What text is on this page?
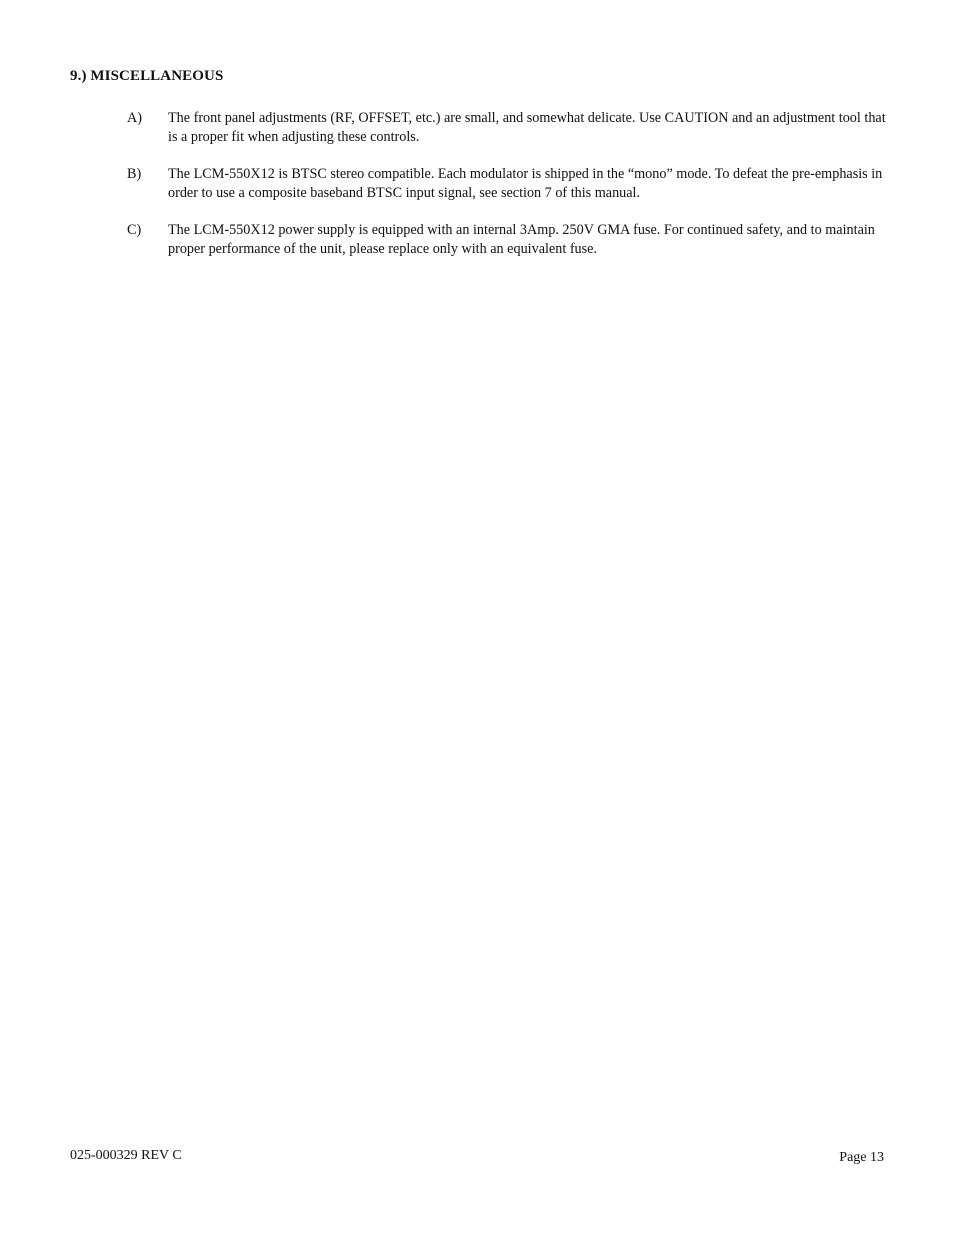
9.) MISCELLANEOUS
A)	The front panel adjustments (RF, OFFSET, etc.) are small, and somewhat delicate. Use CAUTION and an adjustment tool that is a proper fit when adjusting these controls.
B)	The LCM-550X12 is BTSC stereo compatible. Each modulator is shipped in the “mono” mode. To defeat the pre-emphasis in order to use a composite baseband BTSC input signal, see section 7 of this manual.
C)	The LCM-550X12 power supply is equipped with an internal 3Amp. 250V GMA fuse. For continued safety, and to maintain proper performance of the unit, please replace only with an equivalent fuse.
025-000329 REV C	Page 13
